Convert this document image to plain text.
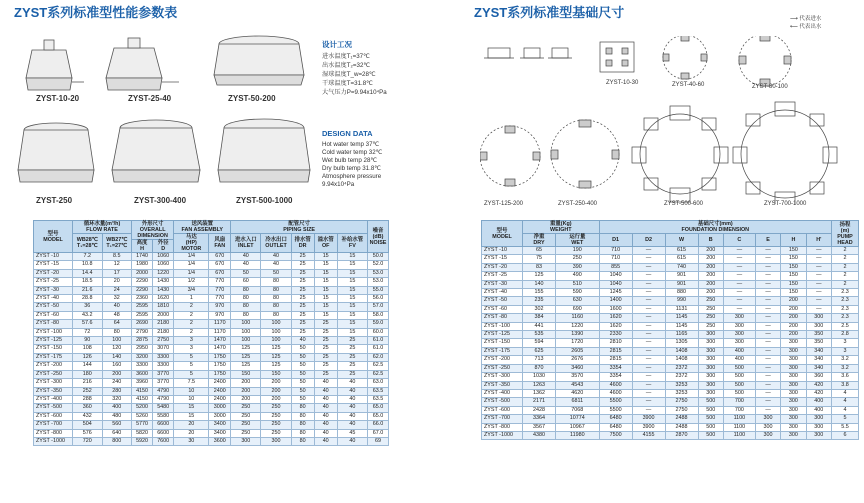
ZYST系列标准型性能参数表
ZYST-10-20	ZYST-25-40	ZYST-50-200
ZYST-250	ZYST-300-400	ZYST-500-1000
设计工况
进水温度T₁=37℃
出水温度T₂=32℃
湿球温度T_w=28℃
干球温度T=31.8℃
大气压力P=9.94x10⁴Pa
DESIGN DATA
Hot water temp 37℃
Cold water temp 32℃
Wet bulb temp 28℃
Dry bulb temp 31.8℃
Atmosphere pressure
9.94x10⁴Pa
型号
MODEL	循环水量(m³/h)
FLOW RATE		外形尺寸
OVERALL
DIMENSION		送风装置
FAN ASSEMBLY		配管尺寸
PIPING SIZE					噪音
(dB)
NOISE
	WB28℃
T₁=28℃	WB27℃
T₁=27℃			马达
(HP)
MOTOR	风扇
FAN	进水入口
INLET	冷水出口
OUTLET	排水管
DR	溢水管
OF	补给水管
FV	
			高度
H	外径
D								
ZYST -10	7.2	8.5	1740	1060	1/4	670	40	40	25	15	15	50.0
ZYST -15	10.8	12	1980	1060	1/4	670	40	40	25	15	15	52.0
ZYST -20	14.4	17	2000	1220	1/4	670	50	50	25	15	15	53.0
ZYST -25	18.5	20	2290	1430	1/2	770	60	80	25	15	15	53.0
ZYST -30	21.6	24	2290	1430	3/4	770	80	80	25	15	15	55.0
ZYST -40	28.8	32	2360	1620	1	770	80	80	25	15	15	56.0
ZYST -50	36	40	2595	1810	2	970	80	80	25	15	15	57.0
ZYST -60	43.2	48	2595	2000	2	970	80	80	25	15	15	58.0
ZYST -80	57.6	64	2690	2180	2	1170	100	100	25	25	15	59.0
ZYST -100	72	80	2790	2180	2	1170	100	100	25	25	15	60.0
ZYST -125	90	100	2875	2750	3	1470	100	100	40	25	25	61.0
ZYST -150	108	120	2950	3070	3	1470	125	125	50	25	25	61.0
ZYST -175	126	140	3200	3300	5	1750	125	125	50	25	25	62.0
ZYST -200	144	160	3300	3300	5	1750	125	125	50	25	25	62.5
ZYST -250	180	200	3600	3770	5	1750	150	150	50	25	25	62.5
ZYST -300	216	240	3960	3770	7.5	2400	200	200	50	40	40	63.0
ZYST -350	252	280	4150	4790	10	2400	200	200	50	40	40	63.5
ZYST -400	288	320	4150	4790	10	2400	200	200	50	40	40	63.5
ZYST -500	360	400	5200	5480	15	3000	250	250	80	40	40	65.0
ZYST -600	432	480	5260	5580	15	3000	250	250	80	40	40	65.0
ZYST -700	504	560	5770	6600	20	3400	250	250	80	40	40	66.0
ZYST -800	576	640	5820	6600	20	3400	250	250	80	40	45	67.0
ZYST -1000	720	800	5920	7600	30	3600	300	300	80	40	40	69
ZYST系列标准型基础尺寸	⟶ 代表进水
⟵ 代表出水
ZYST-10-30	ZYST-40-60	ZYST-80-100
ZYST-125-200	ZYST-250-400	ZYST-500-600	ZYST-700-1000
型号
MODEL	重量(Kg)
WEIGHT		基础尺寸(mm)
FOUNDATION DIMENSION								扬程
(m)
PUMP
HEAD
	净重
DRY	运行量
WET	D1	D2	W	B	C	E	H	H'	
ZYST -10	65	190	710	—	615	200	—	—	150	—	2
ZYST -15	75	250	710	—	615	200	—	—	150	—	2
ZYST -20	83	390	855	—	740	200	—	—	150	—	2
ZYST -25	125	490	1040	—	901	200	—	—	150	—	2
ZYST -30	140	510	1040	—	901	200	—	—	150	—	2
ZYST -40	155	590	1245	—	880	200	—	—	150	—	2.3
ZYST -50	235	630	1400	—	990	250	—	—	200	—	2.3
ZYST -60	302	690	1600	—	1131	250	—	—	200	—	2.3
ZYST -80	384	1160	1620	—	1145	250	300	—	200	300	2.3
ZYST -100	441	1220	1620	—	1145	250	300	—	200	300	2.5
ZYST -125	535	1390	2330	—	1165	300	300	—	200	350	2.8
ZYST -150	594	1720	2810	—	1305	300	300	—	300	350	3
ZYST -175	625	2605	2815	—	1408	300	400	—	300	340	3
ZYST -200	713	2676	2815	—	1408	300	400	—	300	340	3.2
ZYST -250	870	3460	3354	—	2372	300	500	—	300	340	3.2
ZYST -300	1030	3570	3354	—	2372	300	500	—	300	360	3.6
ZYST -350	1263	4543	4600	—	3253	300	500	—	300	420	3.8
ZYST -400	1362	4620	4600	—	3253	300	500	—	300	420	4
ZYST -500	2171	6811	5500	—	2750	500	700	—	300	400	4
ZYST -600	2428	7068	5500	—	2750	500	700	—	300	400	4
ZYST -700	3364	10774	6480	3900	2488	500	1100	300	300	300	5
ZYST -800	3567	10967	6480	3900	2488	500	1100	300	300	300	5.5
ZYST -1000	4380	11980	7500	4155	2870	500	1100	300	300	300	6
